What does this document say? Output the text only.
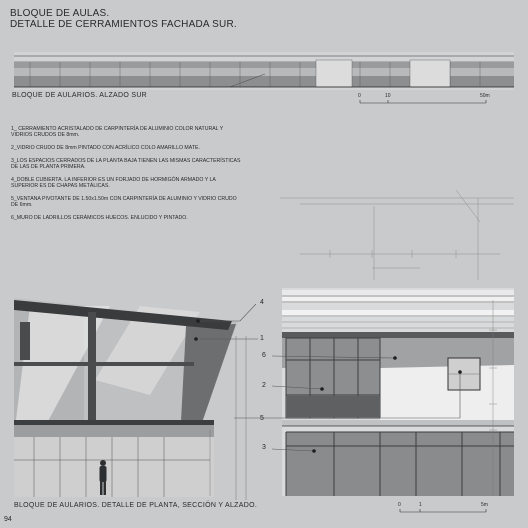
BLOQUE DE AULAS.
DETALLE DE CERRAMIENTOS FACHADA SUR.
BLOQUE DE AULARIOS. ALZADO SUR	0	10	50m

1_ CERRAMIENTO ACRISTALADO DE CARPINTERÍA DE ALUMINIO COLOR NATURAL Y VIDRIOS CRUDOS DE 8mm.

2_VIDRIO CRUDO DE 8mm PINTADO CON ACRÍLICO COLO AMARILLO MATE.

3_LOS ESPACIOS CERRADOS DE LA PLANTA BAJA TIENEN LAS MISMAS CARACTERÍSTICAS DE LAS DE PLANTA PRIMERA.

4_DOBLE CUBIERTA. LA INFERIOR ES UN FORJADO DE HORMIGÓN ARMADO Y LA SUPERIOR ES DE CHAPAS METÁLICAS.

5_VENTANA PIVOTANTE DE 1.50x1.50m CON CARPINTERÍA DE ALUMINIO Y VIDRIO CRUDO DE 6mm.

6_MURO DE LADRILLOS CERÁMICOS HUECOS. ENLUCIDO Y PINTADO.

4
1
6
2
5
3
BLOQUE DE AULARIOS. DETALLE DE PLANTA, SECCIÓN Y ALZADO.	0	1	5m
94
